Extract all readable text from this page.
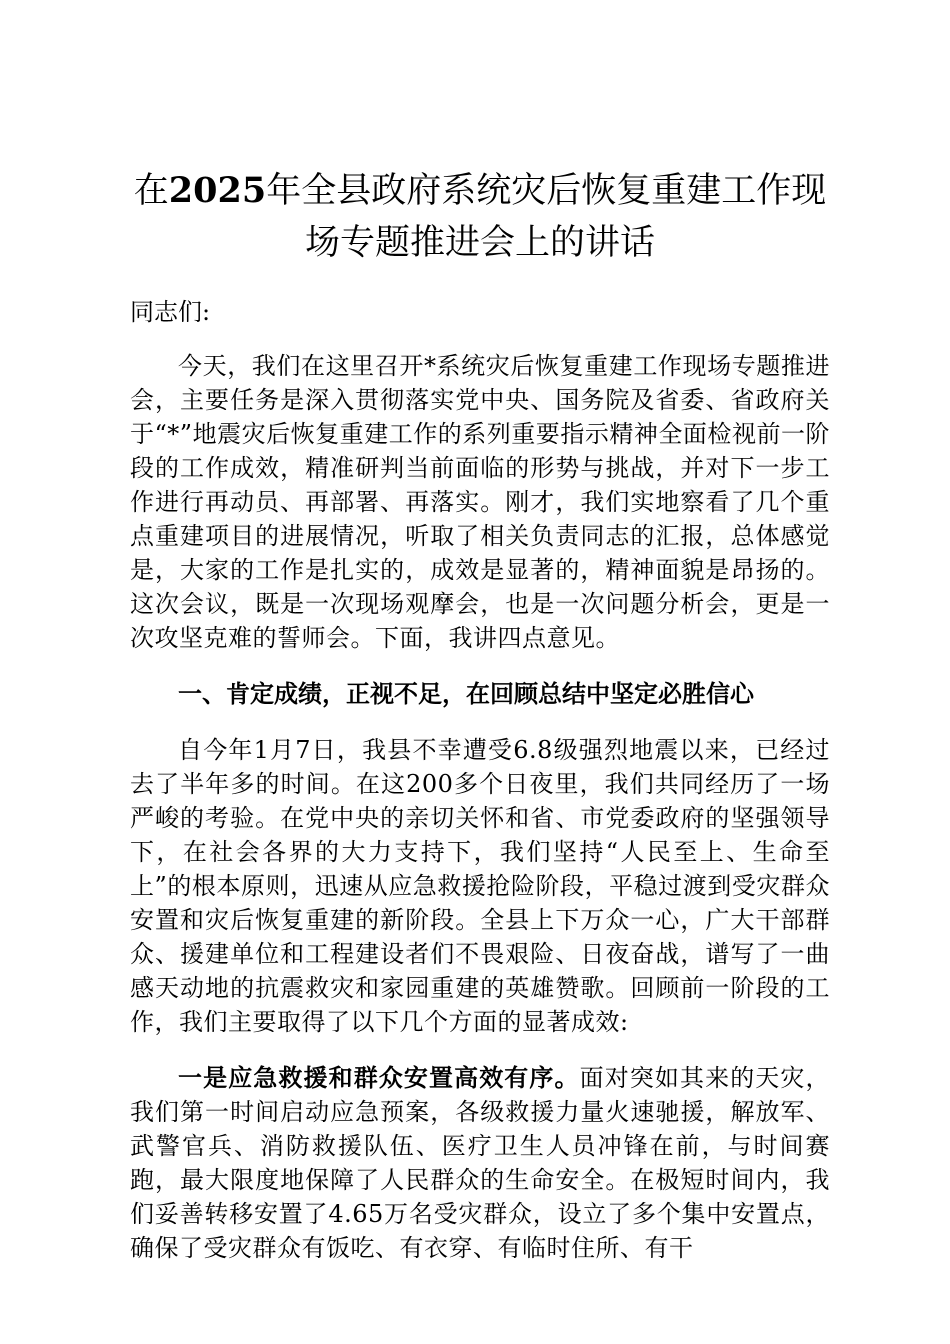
在2025年全县政府系统灾后恢复重建工作现
场专题推进会上的讲话

同志们:

今天，我们在这里召开*系统灾后恢复重建工作现场专题推进会，主要任务是深入贯彻落实党中央、国务院及省委、省政府关于“*”地震灾后恢复重建工作的系列重要指示精神全面检视前一阶段的工作成效，精准研判当前面临的形势与挑战，并对下一步工作进行再动员、再部署、再落实。刚才，我们实地察看了几个重点重建项目的进展情况，听取了相关负责同志的汇报，总体感觉是，大家的工作是扎实的，成效是显著的，精神面貌是昂扬的。这次会议，既是一次现场观摩会，也是一次问题分析会，更是一次攻坚克难的誓师会。下面，我讲四点意见。

一、肯定成绩，正视不足，在回顾总结中坚定必胜信心

自今年1月7日，我县不幸遭受6.8级强烈地震以来，已经过去了半年多的时间。在这200多个日夜里，我们共同经历了一场严峻的考验。在党中央的亲切关怀和省、市党委政府的坚强领导下，在社会各界的大力支持下，我们坚持“人民至上、生命至上”的根本原则，迅速从应急救援抢险阶段，平稳过渡到受灾群众安置和灾后恢复重建的新阶段。全县上下万众一心，广大干部群众、援建单位和工程建设者们不畏艰险、日夜奋战，谱写了一曲感天动地的抗震救灾和家园重建的英雄赞歌。回顾前一阶段的工作，我们主要取得了以下几个方面的显著成效:

一是应急救援和群众安置高效有序。面对突如其来的天灾，我们第一时间启动应急预案，各级救援力量火速驰援，解放军、武警官兵、消防救援队伍、医疗卫生人员冲锋在前，与时间赛跑，最大限度地保障了人民群众的生命安全。在极短时间内，我们妥善转移安置了4.65万名受灾群众，设立了多个集中安置点，确保了受灾群众有饭吃、有衣穿、有临时住所、有干
